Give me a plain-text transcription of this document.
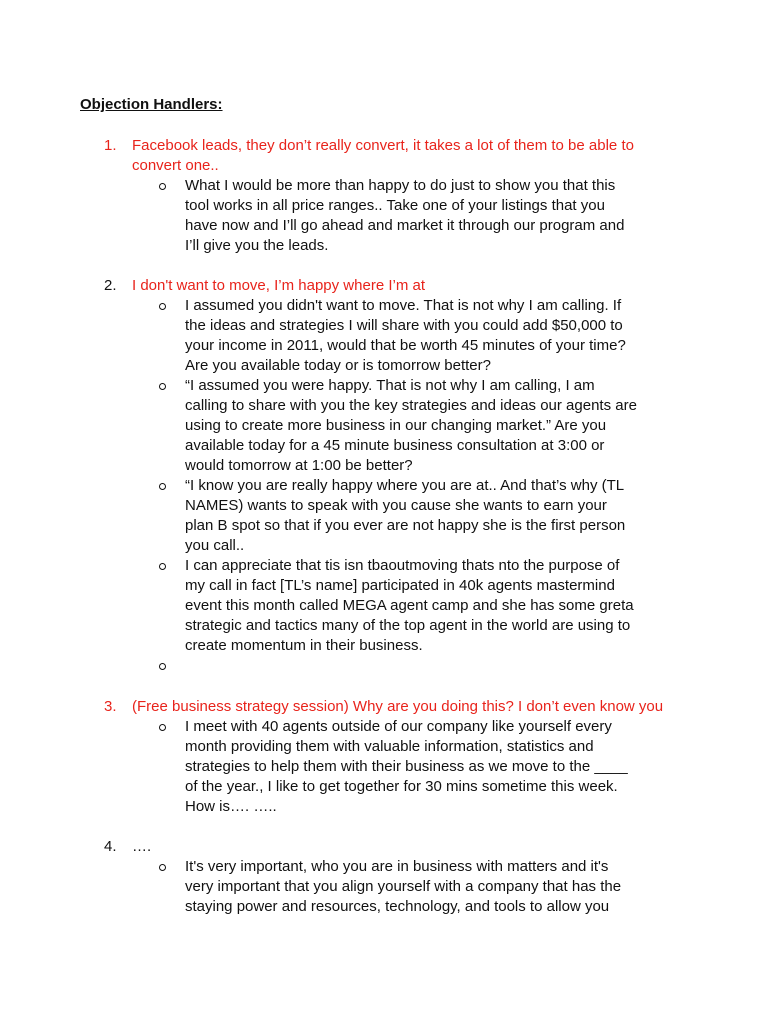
Objection Handlers:
1.	Facebook leads, they don’t really convert, it takes a lot of them to be able to convert one..
What I would be more than happy to do just to show you that this tool works in all price ranges.. Take one of your listings that you have now and I’ll go ahead and market it through our program and I’ll give you the leads.
2.	I don't want to move, I’m happy where I’m at
I assumed you didn't want to move. That is not why I am calling. If the ideas and strategies I will share with you could add $50,000 to your income in 2011, would that be worth 45 minutes of your time? Are you available today or is tomorrow better?
“I assumed you were happy. That is not why I am calling, I am calling to share with you the key strategies and ideas our agents are using to create more business in our changing market.” Are you available today for a 45 minute business consultation at 3:00 or would tomorrow at 1:00 be better?
“I know you are really happy where you are at.. And that’s why (TL NAMES) wants to speak with you cause she wants to earn your plan B spot so that if you ever are not happy she is the first person you call..
I can appreciate that tis isn tbaoutmoving thats nto the purpose of my call in fact [TL’s name] participated in 40k agents mastermind event this month called MEGA agent camp and she has some greta strategic and tactics many of the top agent in the world are using to create momentum in their business.
3.	(Free business strategy session) Why are you doing this? I don’t even know you
I meet with 40 agents outside of our company like yourself every month providing them with valuable information, statistics and strategies to help them with their business as we move to the ____ of the year., I like to get together for 30 mins sometime this week. How is…. …..
4.	….
It's very important, who you are in business with matters and it's very important that you align yourself with a company that has the staying power and resources, technology, and tools to allow you
